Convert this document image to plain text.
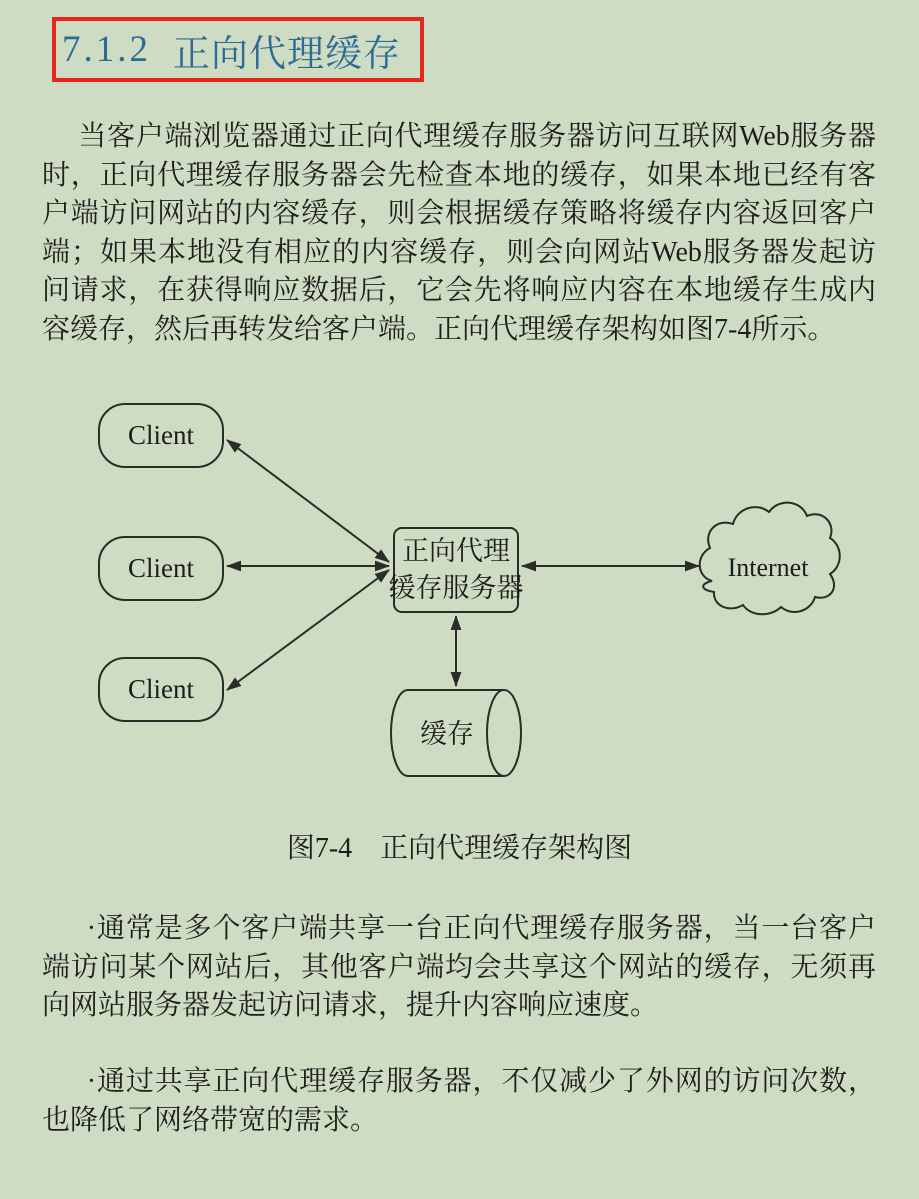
7.1.2 正向代理缓存

当客户端浏览器通过正向代理缓存服务器访问互联网Web服务器时，正向代理缓存服务器会先检查本地的缓存，如果本地已经有客户端访问网站的内容缓存，则会根据缓存策略将缓存内容返回客户端；如果本地没有相应的内容缓存，则会向网站Web服务器发起访问请求，在获得响应数据后，它会先将响应内容在本地缓存生成内容缓存，然后再转发给客户端。正向代理缓存架构如图7-4所示。

Client
Client
Client
正向代理
缓存服务器
Internet
缓存

图7-4　正向代理缓存架构图

·通常是多个客户端共享一台正向代理缓存服务器，当一台客户端访问某个网站后，其他客户端均会共享这个网站的缓存，无须再向网站服务器发起访问请求，提升内容响应速度。

·通过共享正向代理缓存服务器，不仅减少了外网的访问次数，也降低了网络带宽的需求。
